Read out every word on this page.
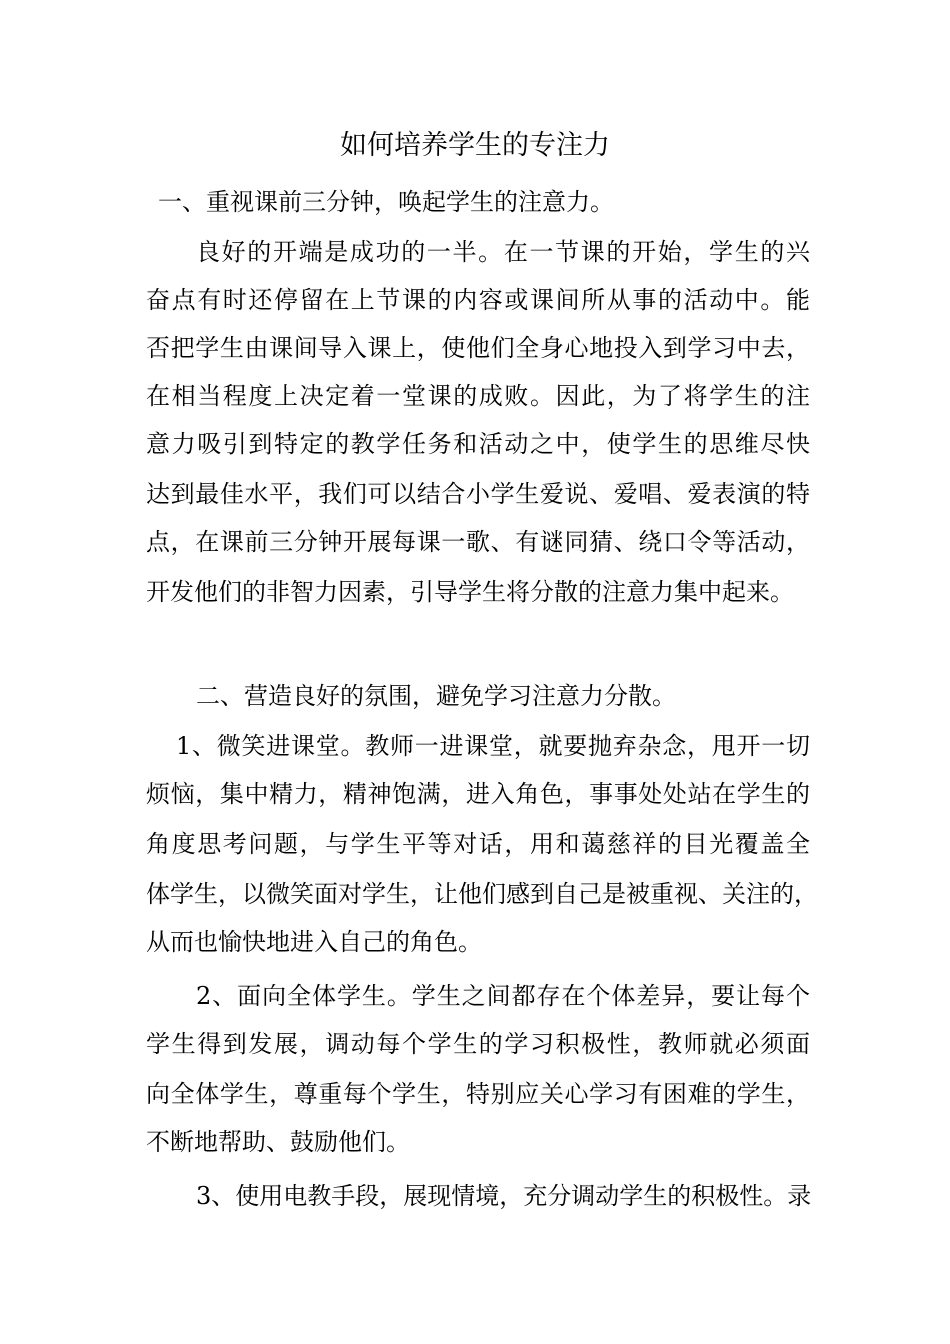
如何培养学生的专注力
一、重视课前三分钟，唤起学生的注意力。
良好的开端是成功的一半。在一节课的开始，学生的兴
奋点有时还停留在上节课的内容或课间所从事的活动中。能
否把学生由课间导入课上，使他们全身心地投入到学习中去，
在相当程度上决定着一堂课的成败。因此，为了将学生的注
意力吸引到特定的教学任务和活动之中，使学生的思维尽快
达到最佳水平，我们可以结合小学生爱说、爱唱、爱表演的特
点，在课前三分钟开展每课一歌、有谜同猜、绕口令等活动，
开发他们的非智力因素，引导学生将分散的注意力集中起来。
二、营造良好的氛围，避免学习注意力分散。
1、微笑进课堂。教师一进课堂，就要抛弃杂念，甩开一切
烦恼，集中精力，精神饱满，进入角色，事事处处站在学生的
角度思考问题，与学生平等对话，用和蔼慈祥的目光覆盖全
体学生，以微笑面对学生，让他们感到自己是被重视、关注的，
从而也愉快地进入自己的角色。
2、面向全体学生。学生之间都存在个体差异，要让每个
学生得到发展，调动每个学生的学习积极性，教师就必须面
向全体学生，尊重每个学生，特别应关心学习有困难的学生，
不断地帮助、鼓励他们。
3、使用电教手段，展现情境，充分调动学生的积极性。录
